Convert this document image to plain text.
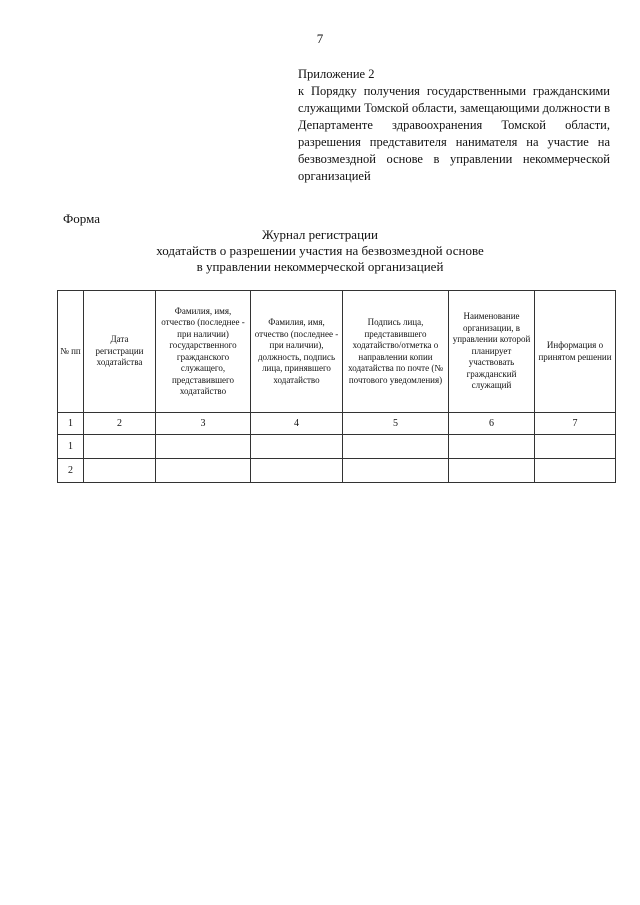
7
Приложение 2
к Порядку получения государственными гражданскими служащими Томской области, замещающими должности в Департаменте здравоохранения Томской области, разрешения представителя нанимателя на участие на безвозмездной основе в управлении некоммерческой организацией
Форма
Журнал регистрации
ходатайств о разрешении участия на безвозмездной основе
в управлении некоммерческой организацией
№ пп	Дата регистрации ходатайства	Фамилия, имя, отчество (последнее - при наличии) государственного гражданского служащего, представившего ходатайство	Фамилия, имя, отчество (последнее - при наличии), должность, подпись лица, принявшего ходатайство	Подпись лица, представившего ходатайство/отметка о направлении копии ходатайства по почте (№ почтового уведомления)	Наименование организации, в управлении которой планирует участвовать гражданский служащий	Информация о принятом решении
1	2	3	4	5	6	7
1						
2						
